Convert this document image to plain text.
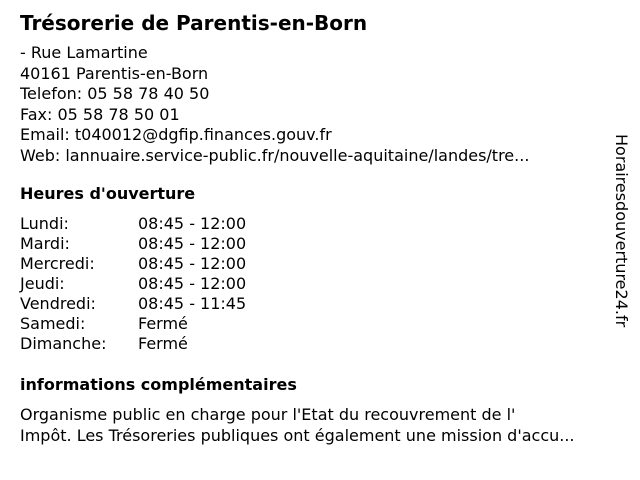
Trésorerie de Parentis-en-Born
- Rue Lamartine
40161 Parentis-en-Born
Telefon: 05 58 78 40 50
Fax: 05 58 78 50 01
Email: t040012@dgfip.finances.gouv.fr
Web: lannuaire.service-public.fr/nouvelle-aquitaine/landes/tre...
Heures d'ouverture
Lundi:	08:45 - 12:00
Mardi:	08:45 - 12:00
Mercredi:	08:45 - 12:00
Jeudi:	08:45 - 12:00
Vendredi:	08:45 - 11:45
Samedi:	Fermé
Dimanche:	Fermé
informations complémentaires
Organisme public en charge pour l'Etat du recouvrement de l'
Impôt. Les Trésoreries publiques ont également une mission d'accu...
Horairesdouverture24.fr
